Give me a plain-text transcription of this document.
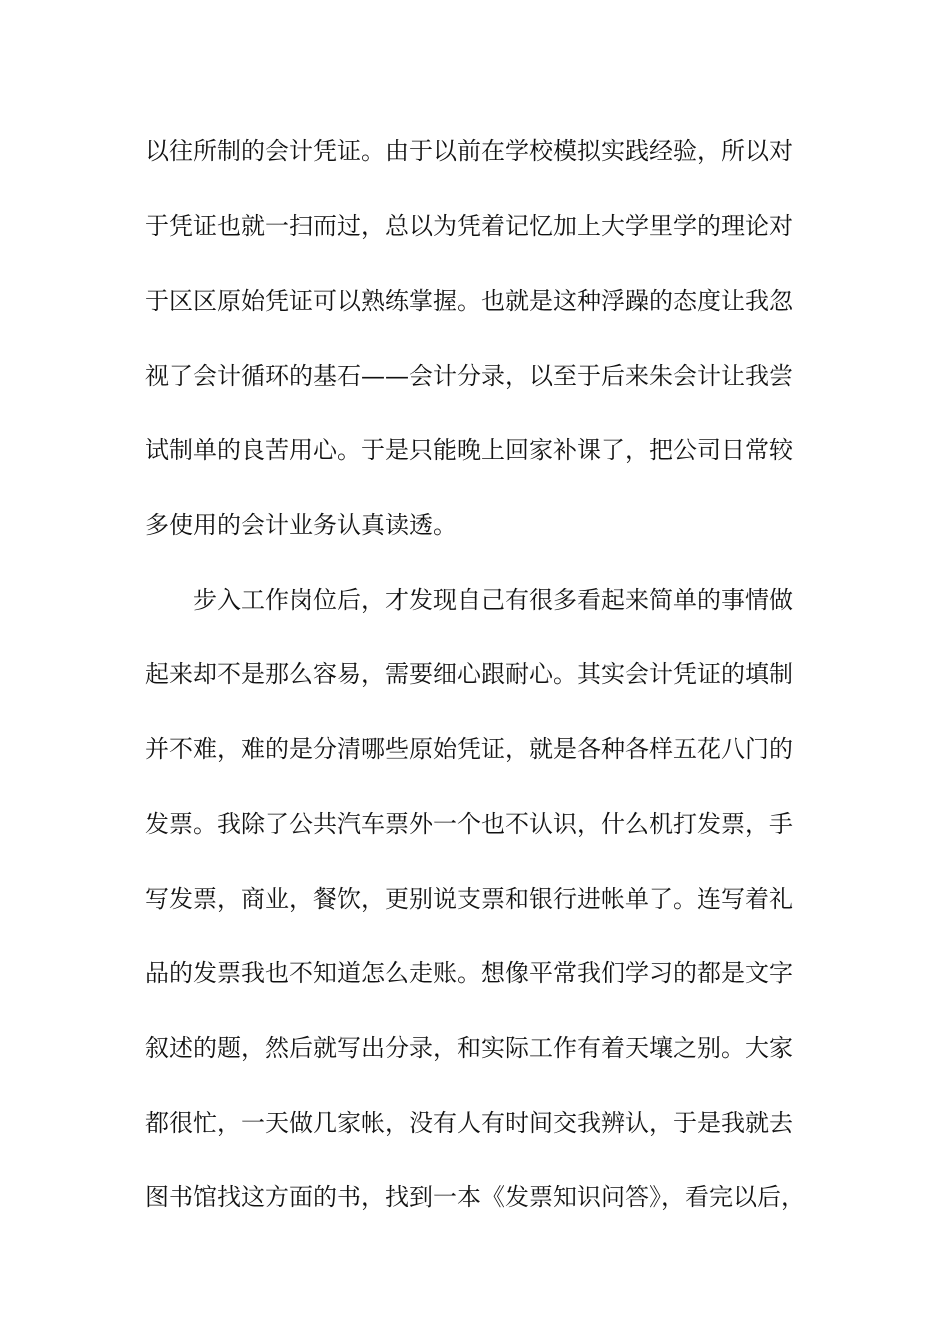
以往所制的会计凭证。由于以前在学校模拟实践经验，所以对
于凭证也就一扫而过，总以为凭着记忆加上大学里学的理论对
于区区原始凭证可以熟练掌握。也就是这种浮躁的态度让我忽
视了会计循环的基石——会计分录，以至于后来朱会计让我尝
试制单的良苦用心。于是只能晚上回家补课了，把公司日常较
多使用的会计业务认真读透。
步入工作岗位后，才发现自己有很多看起来简单的事情做
起来却不是那么容易，需要细心跟耐心。其实会计凭证的填制
并不难，难的是分清哪些原始凭证，就是各种各样五花八门的
发票。我除了公共汽车票外一个也不认识，什么机打发票，手
写发票，商业，餐饮，更别说支票和银行进帐单了。连写着礼
品的发票我也不知道怎么走账。想像平常我们学习的都是文字
叙述的题，然后就写出分录，和实际工作有着天壤之别。大家
都很忙，一天做几家帐，没有人有时间交我辨认，于是我就去
图书馆找这方面的书，找到一本《发票知识问答》，看完以后，
